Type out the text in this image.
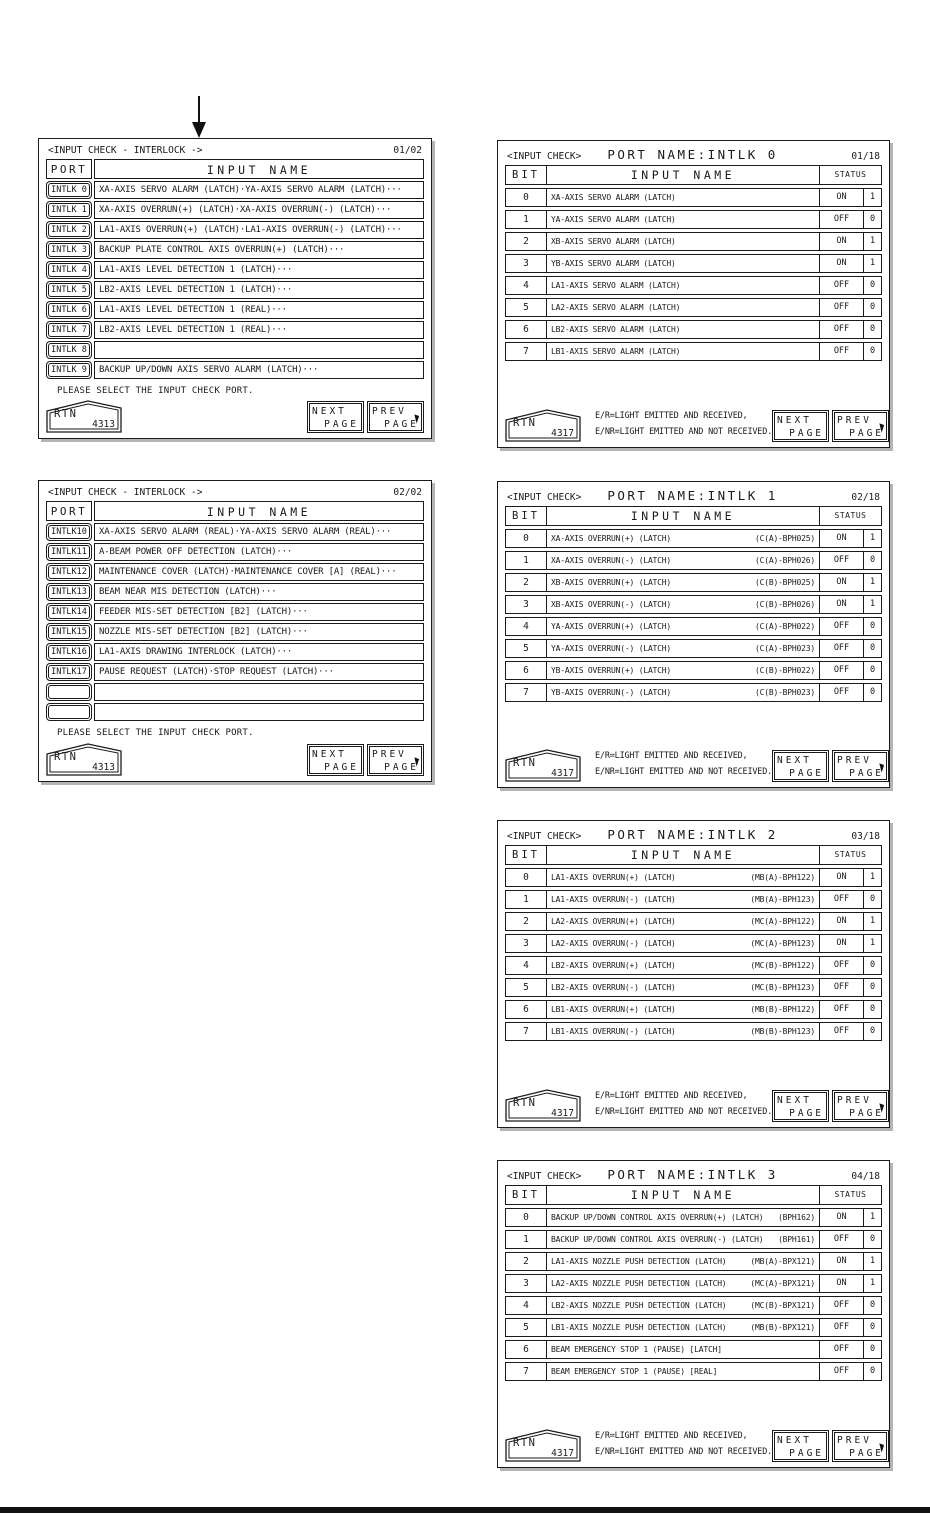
<INPUT CHECK - INTERLOCK ->	01/02
PORT	INPUT NAME
INTLK 0	XA-AXIS SERVO ALARM (LATCH)·YA-AXIS SERVO ALARM (LATCH)···
INTLK 1	XA-AXIS OVERRUN(+) (LATCH)·XA-AXIS OVERRUN(-) (LATCH)···
INTLK 2	LA1-AXIS OVERRUN(+) (LATCH)·LA1-AXIS OVERRUN(-) (LATCH)···
INTLK 3	BACKUP PLATE CONTROL AXIS OVERRUN(+) (LATCH)···
INTLK 4	LA1-AXIS LEVEL DETECTION 1 (LATCH)···
INTLK 5	LB2-AXIS LEVEL DETECTION 1 (LATCH)···
INTLK 6	LA1-AXIS LEVEL DETECTION 1 (REAL)···
INTLK 7	LB2-AXIS LEVEL DETECTION 1 (REAL)···
INTLK 8
INTLK 9	BACKUP UP/DOWN AXIS SERVO ALARM (LATCH)···
PLEASE SELECT THE INPUT CHECK PORT.
RTN
4313
NEXT
PAGE
PREV
PAGE
<INPUT CHECK> PORT NAME:INTLK 0	01/18
BIT	INPUT NAME	STATUS
0	XA-AXIS SERVO ALARM (LATCH)	ON	1
1	YA-AXIS SERVO ALARM (LATCH)	OFF	0
2	XB-AXIS SERVO ALARM (LATCH)	ON	1
3	YB-AXIS SERVO ALARM (LATCH)	ON	1
4	LA1-AXIS SERVO ALARM (LATCH)	OFF	0
5	LA2-AXIS SERVO ALARM (LATCH)	OFF	0
6	LB2-AXIS SERVO ALARM (LATCH)	OFF	0
7	LB1-AXIS SERVO ALARM (LATCH)	OFF	0
RTN
4317
E/R=LIGHT EMITTED AND RECEIVED,
E/NR=LIGHT EMITTED AND NOT RECEIVED.
NEXT
PAGE
PREV
PAGE
<INPUT CHECK - INTERLOCK ->	02/02
PORT	INPUT NAME
INTLK10	XA-AXIS SERVO ALARM (REAL)·YA-AXIS SERVO ALARM (REAL)···
INTLK11	A-BEAM POWER OFF DETECTION (LATCH)···
INTLK12	MAINTENANCE COVER (LATCH)·MAINTENANCE COVER [A] (REAL)···
INTLK13	BEAM NEAR MIS DETECTION (LATCH)···
INTLK14	FEEDER MIS-SET DETECTION [B2] (LATCH)···
INTLK15	NOZZLE MIS-SET DETECTION [B2] (LATCH)···
INTLK16	LA1-AXIS DRAWING INTERLOCK (LATCH)···
INTLK17	PAUSE REQUEST (LATCH)·STOP REQUEST (LATCH)···
PLEASE SELECT THE INPUT CHECK PORT.
RTN
4313
NEXT
PAGE
PREV
PAGE
<INPUT CHECK> PORT NAME:INTLK 1	02/18
BIT	INPUT NAME	STATUS
0	XA-AXIS OVERRUN(+) (LATCH)	(C(A)-BPH025)	ON	1
1	XA-AXIS OVERRUN(-) (LATCH)	(C(A)-BPH026)	OFF	0
2	XB-AXIS OVERRUN(+) (LATCH)	(C(B)-BPH025)	ON	1
3	XB-AXIS OVERRUN(-) (LATCH)	(C(B)-BPH026)	ON	1
4	YA-AXIS OVERRUN(+) (LATCH)	(C(A)-BPH022)	OFF	0
5	YA-AXIS OVERRUN(-) (LATCH)	(C(A)-BPH023)	OFF	0
6	YB-AXIS OVERRUN(+) (LATCH)	(C(B)-BPH022)	OFF	0
7	YB-AXIS OVERRUN(-) (LATCH)	(C(B)-BPH023)	OFF	0
RTN
4317
E/R=LIGHT EMITTED AND RECEIVED,
E/NR=LIGHT EMITTED AND NOT RECEIVED.
NEXT
PAGE
PREV
PAGE
<INPUT CHECK> PORT NAME:INTLK 2	03/18
BIT	INPUT NAME	STATUS
0	LA1-AXIS OVERRUN(+) (LATCH)	(MB(A)-BPH122)	ON	1
1	LA1-AXIS OVERRUN(-) (LATCH)	(MB(A)-BPH123)	OFF	0
2	LA2-AXIS OVERRUN(+) (LATCH)	(MC(A)-BPH122)	ON	1
3	LA2-AXIS OVERRUN(-) (LATCH)	(MC(A)-BPH123)	ON	1
4	LB2-AXIS OVERRUN(+) (LATCH)	(MC(B)-BPH122)	OFF	0
5	LB2-AXIS OVERRUN(-) (LATCH)	(MC(B)-BPH123)	OFF	0
6	LB1-AXIS OVERRUN(+) (LATCH)	(MB(B)-BPH122)	OFF	0
7	LB1-AXIS OVERRUN(-) (LATCH)	(MB(B)-BPH123)	OFF	0
RTN
4317
E/R=LIGHT EMITTED AND RECEIVED,
E/NR=LIGHT EMITTED AND NOT RECEIVED.
NEXT
PAGE
PREV
PAGE
<INPUT CHECK> PORT NAME:INTLK 3	04/18
BIT	INPUT NAME	STATUS
0	BACKUP UP/DOWN CONTROL AXIS OVERRUN(+) (LATCH) (BPH162)	ON	1
1	BACKUP UP/DOWN CONTROL AXIS OVERRUN(-) (LATCH) (BPH161)	OFF	0
2	LA1-AXIS NOZZLE PUSH DETECTION (LATCH)	(MB(A)-BPX121)	ON	1
3	LA2-AXIS NOZZLE PUSH DETECTION (LATCH)	(MC(A)-BPX121)	ON	1
4	LB2-AXIS NOZZLE PUSH DETECTION (LATCH)	(MC(B)-BPX121)	OFF	0
5	LB1-AXIS NOZZLE PUSH DETECTION (LATCH)	(MB(B)-BPX121)	OFF	0
6	BEAM EMERGENCY STOP 1 (PAUSE) [LATCH]	OFF	0
7	BEAM EMERGENCY STOP 1 (PAUSE) [REAL]	OFF	0
RTN
4317
E/R=LIGHT EMITTED AND RECEIVED,
E/NR=LIGHT EMITTED AND NOT RECEIVED.
NEXT
PAGE
PREV
PAGE
